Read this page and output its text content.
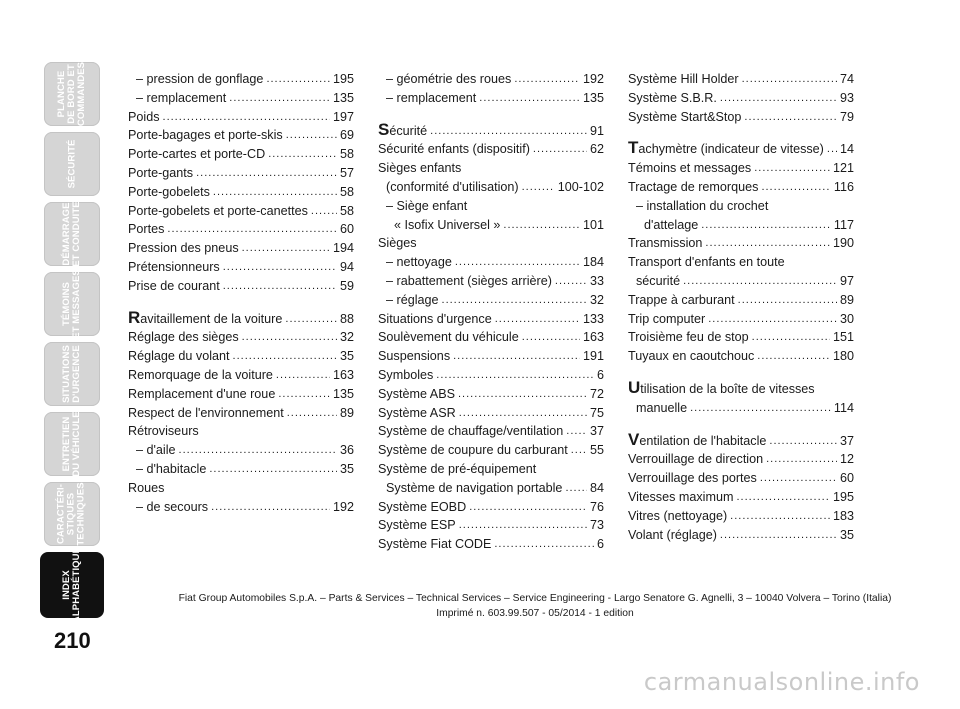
PLANCHE
DE BORD ET
COMMANDES
SÉCURITÉ
DÉMARRAGE
ET CONDUITE
TÉMOINS
ET MESSAGES
SITUATIONS
D'URGENCE
ENTRETIEN
DU VÉHICULE
CARACTÉRI-
STIQUES
TECHNIQUES
INDEX
ALPHABÉTIQUE
210
– pression de gonflage .....	195
– remplacement .....	135
Poids .....	197
Porte-bagages et porte-skis .....	69
Porte-cartes et porte-CD .....	58
Porte-gants .....	57
Porte-gobelets .....	58
Porte-gobelets et porte-canettes .....	58
Portes .....	60
Pression des pneus .....	194
Prétensionneurs .....	94
Prise de courant .....	59
Ravitaillement de la voiture .....	88
Réglage des sièges .....	32
Réglage du volant .....	35
Remorquage de la voiture .....	163
Remplacement d'une roue .....	135
Respect de l'environnement .....	89
Rétroviseurs
– d'aile .....	36
– d'habitacle .....	35
Roues
– de secours .....	192
– géométrie des roues .....	192
– remplacement .....	135
Sécurité .....	91
Sécurité enfants (dispositif) .....	62
Sièges enfants
(conformité d'utilisation) .....	100-102
– Siège enfant
« Isofix Universel » .....	101
Sièges
– nettoyage .....	184
– rabattement (sièges arrière) .....	33
– réglage .....	32
Situations d'urgence .....	133
Soulèvement du véhicule .....	163
Suspensions .....	191
Symboles .....	6
Système ABS .....	72
Système ASR .....	75
Système de chauffage/ventilation ..... 37
Système de coupure du carburant ..... 55
Système de pré-équipement
Système de navigation portable ..... 84
Système EOBD .....	76
Système ESP .....	73
Système Fiat CODE .....	6
Système Hill Holder .....	74
Système S.B.R. .....	93
Système Start&Stop .....	79
Tachymètre (indicateur de vitesse) ..... 14
Témoins et messages .....	121
Tractage de remorques .....	116
– installation du crochet
d'attelage .....	117
Transmission .....	190
Transport d'enfants en toute
sécurité .....	97
Trappe à carburant .....	89
Trip computer .....	30
Troisième feu de stop .....	151
Tuyaux en caoutchouc .....	180
Utilisation de la boîte de vitesses
manuelle .....	114
Ventilation de l'habitacle .....	37
Verrouillage de direction .....	12
Verrouillage des portes .....	60
Vitesses maximum .....	195
Vitres (nettoyage) .....	183
Volant (réglage) .....	35
Fiat Group Automobiles S.p.A. – Parts & Services – Technical Services – Service Engineering - Largo Senatore G. Agnelli, 3 – 10040 Volvera – Torino (Italia)
Imprimé n. 603.99.507 - 05/2014 - 1 edition
carmanualsonline.info
